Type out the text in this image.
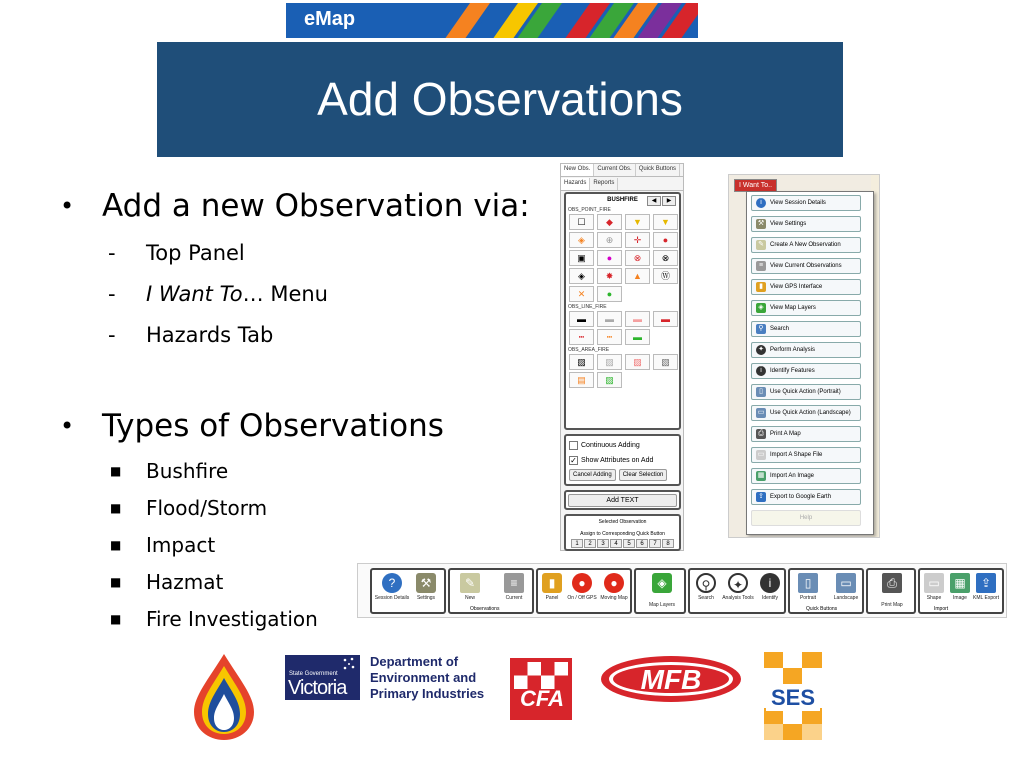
eMap
Add Observations
• Add a new Observation via:
- Top Panel
- I Want To… Menu
- Hazards Tab
• Types of Observations
■ Bushfire
■ Flood/Storm
■ Impact
■ Hazmat
■ Fire Investigation
New Obs.	Current Obs.	Quick Buttons
Hazards	Reports
BUSHFIRE	◀	▶
OBS_POINT_FIRE
☐	◆	▼	▼
◈	⊕	✛	●
▣	●	⊗	⊗
◈	✸	▲	Ⓦ
✕	●
OBS_LINE_FIRE
▬	▬	▬	▬
┅	┅	▬
OBS_AREA_FIRE
▨	▨	▨	▧
▤	▨
Continuous Adding
✓ Show Attributes on Add
Cancel Adding	Clear Selection
Add TEXT
Selected Observation
Assign to Corresponding Quick Button
1	2	3	4	5	6	7	8
I Want To..
i	View Session Details
⚒ View Settings
✎	Create A New Observation
≡	View Current Observations
▮	View GPS Interface
◈	View Map Layers
⚲	Search
✦	Perform Analysis
i	Identify Features
▯	Use Quick Action (Portrait)
▭ Use Quick Action (Landscape)
⎙	Print A Map
▭ Import A Shape File
▦ Import An Image
⇪	Export to Google Earth
Help
?
Session Details
⚒
Settings
✎
New
≡
Current
Observations
▮
Panel
●
On / Off GPS
●
Moving Map
◈
Map Layers
⚲
Search
✦
Analysis Tools
i
Identify
▯
Portrait
▭
Landscape
Quick Buttons
⎙
Print Map
▭
Shape
▦
Image
⇪
KML Export
Import
State Government
Victoria
Department of
Environment and
Primary Industries CFA
MFB
SES
